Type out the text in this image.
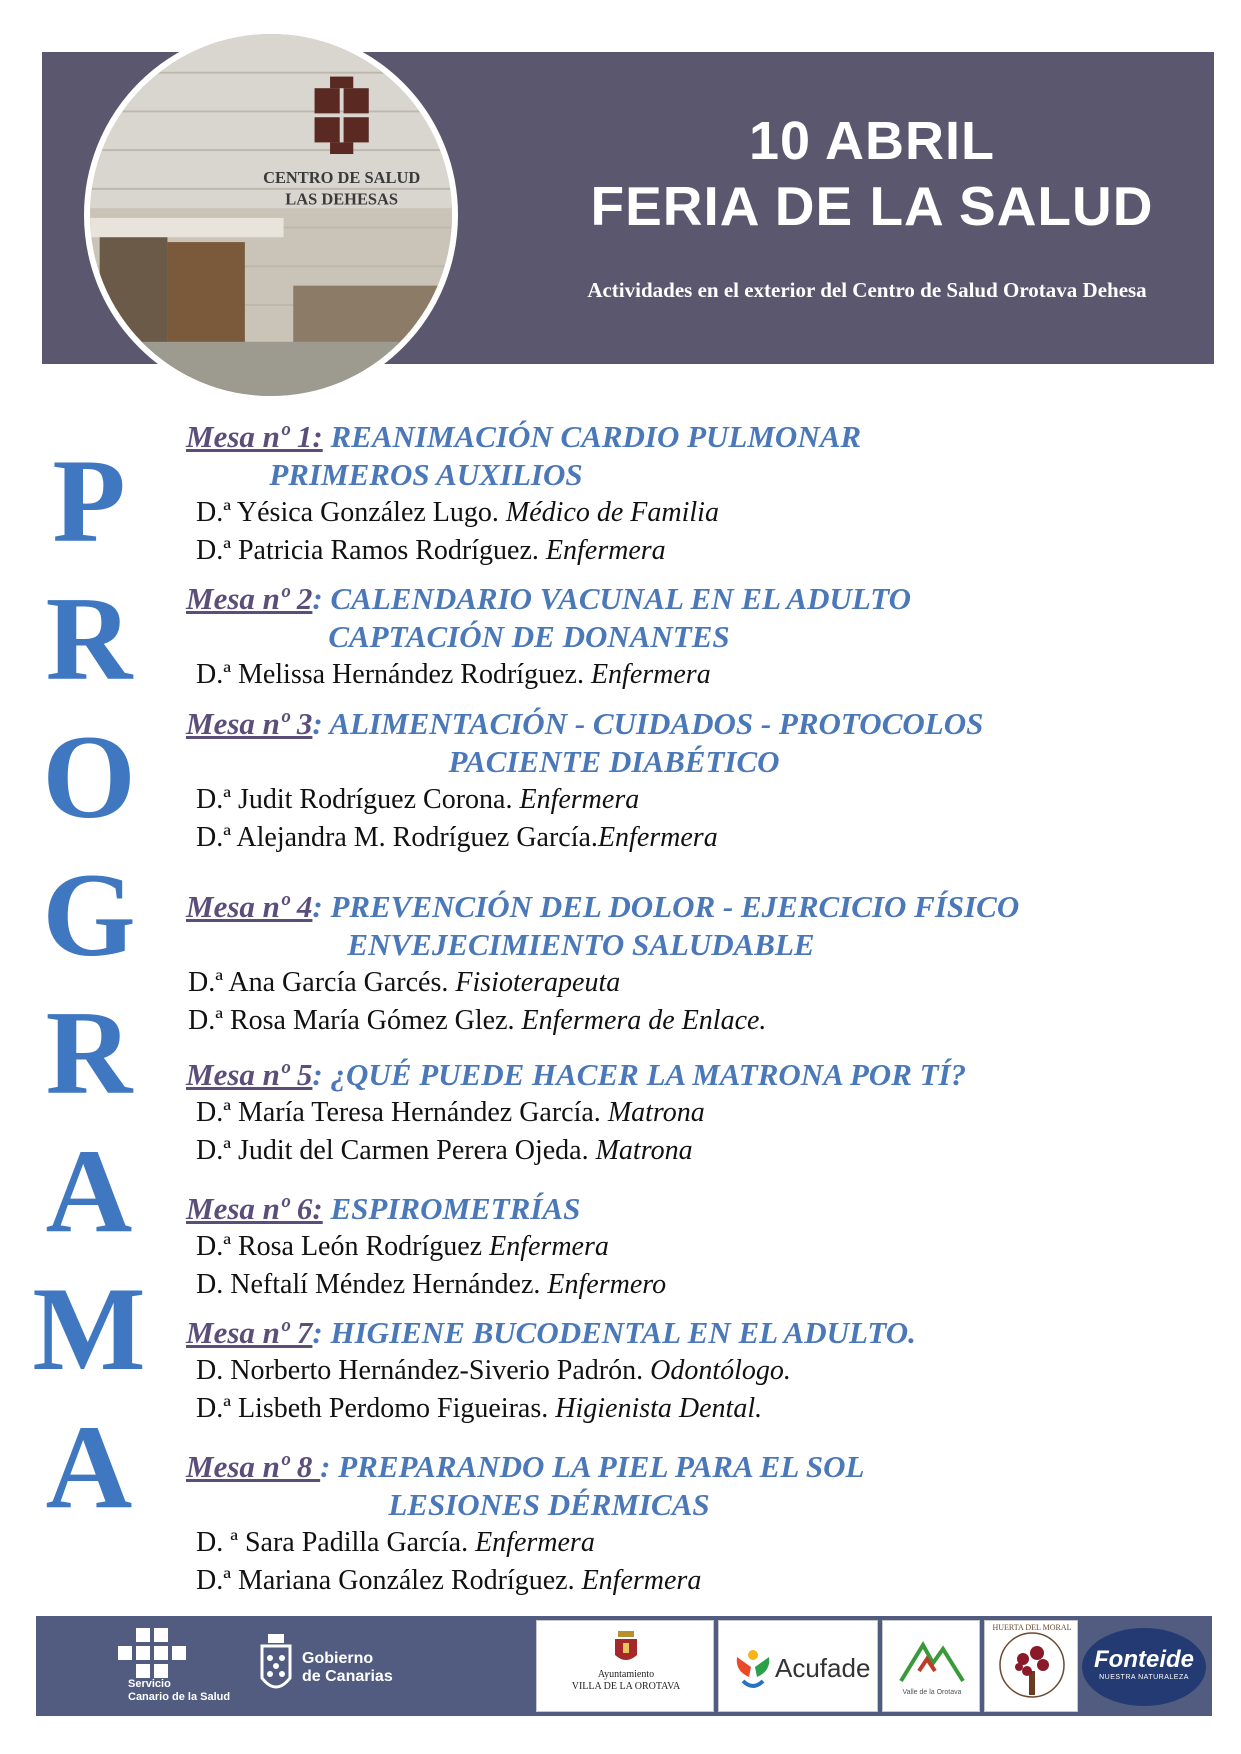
10 ABRIL
FERIA DE LA SALUD
Actividades en el exterior del Centro de Salud Orotava Dehesa
CENTRO DE SALUD
LAS DEHESAS
P
R
O
G
R
A
M
A
Mesa nº 1: REANIMACIÓN CARDIO PULMONAR
PRIMEROS AUXILIOS
D.ª Yésica González Lugo. Médico de Familia
D.ª Patricia Ramos Rodríguez. Enfermera
Mesa nº 2: CALENDARIO VACUNAL EN EL ADULTO
CAPTACIÓN DE DONANTES
D.ª Melissa Hernández Rodríguez. Enfermera
Mesa nº 3: ALIMENTACIÓN - CUIDADOS - PROTOCOLOS
PACIENTE DIABÉTICO
D.ª Judit Rodríguez Corona. Enfermera
D.ª Alejandra M. Rodríguez García.Enfermera
Mesa nº 4: PREVENCIÓN DEL DOLOR - EJERCICIO FÍSICO
ENVEJECIMIENTO SALUDABLE
D.ª Ana García Garcés. Fisioterapeuta
D.ª Rosa María Gómez Glez. Enfermera de Enlace.
Mesa nº 5: ¿QUÉ PUEDE HACER LA MATRONA POR TÍ?
D.ª María Teresa Hernández García. Matrona
D.ª Judit del Carmen Perera Ojeda. Matrona
Mesa nº 6: ESPIROMETRÍAS
D.ª Rosa León Rodríguez Enfermera
D. Neftalí Méndez Hernández. Enfermero
Mesa nº 7: HIGIENE BUCODENTAL EN EL ADULTO.
D. Norberto Hernández-Siverio Padrón. Odontólogo.
D.ª Lisbeth Perdomo Figueiras. Higienista Dental.
Mesa nº 8 : PREPARANDO LA PIEL PARA EL SOL
LESIONES DÉRMICAS
D. ª Sara Padilla García. Enfermera
D.ª Mariana González Rodríguez. Enfermera
Servicio
Canario de la Salud
Gobierno
de Canarias	Ayuntamiento
VILLA DE LA OROTAVA
Acufade
Valle de la Orotava
HUERTA DEL MORAL
Fonteide
NUESTRA NATURALEZA
